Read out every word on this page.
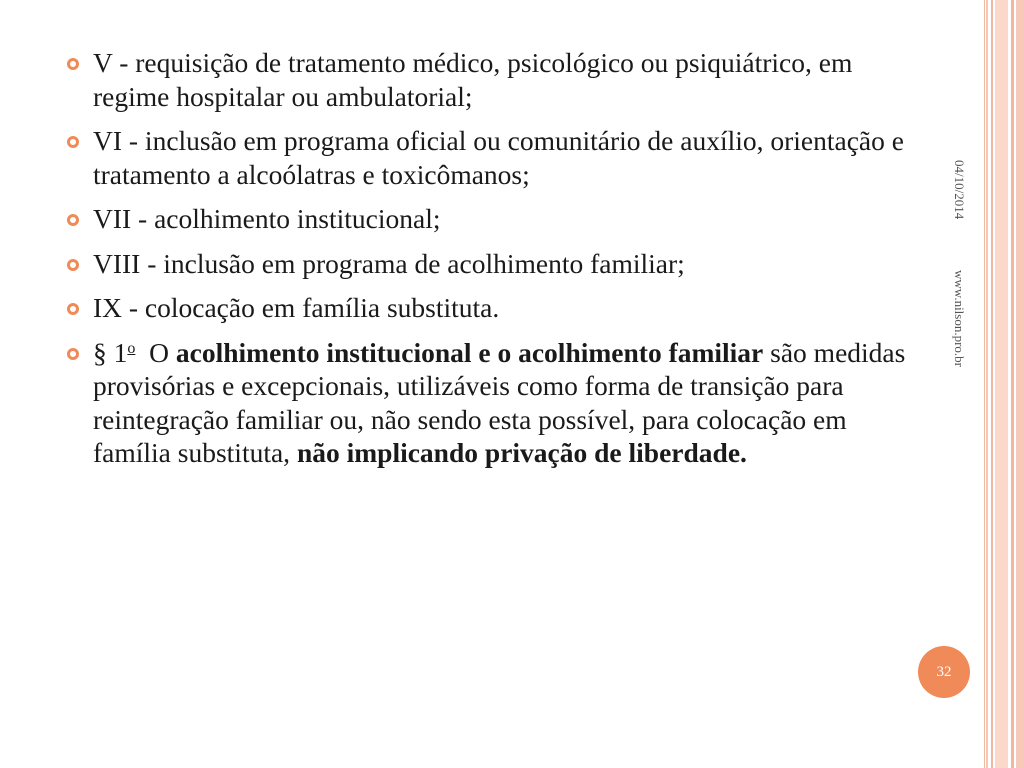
04/10/2014
www.nilson.pro.br
32
V - requisição de tratamento médico, psicológico ou psiquiátrico, em regime hospitalar ou ambulatorial;
VI - inclusão em programa oficial ou comunitário de auxílio, orientação e tratamento a alcoólatras e toxicômanos;
VII - acolhimento institucional;
VIII - inclusão em programa de acolhimento familiar;
IX - colocação em família substituta.
§ 1$^o$ O acolhimento institucional e o acolhimento familiar são medidas provisórias e excepcionais, utilizáveis como forma de transição para reintegração familiar ou, não sendo esta possível, para colocação em família substituta, não implicando privação de liberdade.
